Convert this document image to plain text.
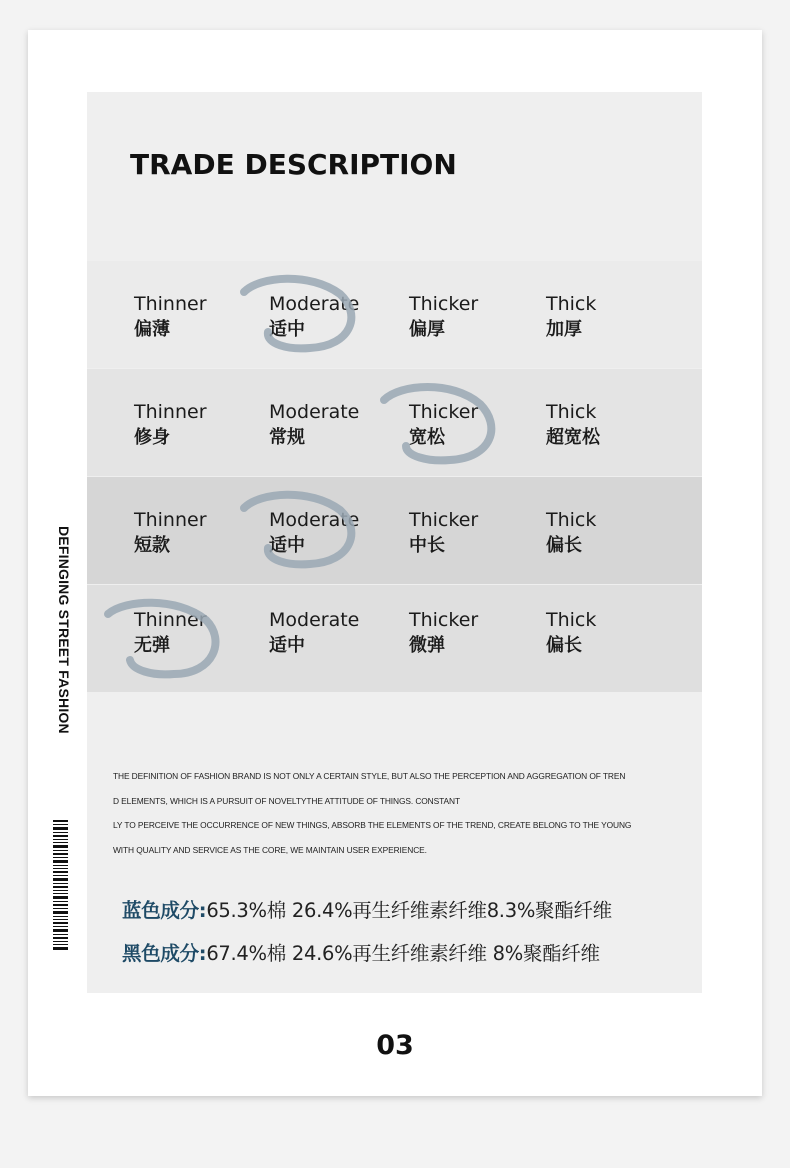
TRADE DESCRIPTION
Thinner
偏薄
Moderate
适中
Thicker
偏厚
Thick
加厚
Thinner
修身
Moderate
常规
Thicker
宽松
Thick
超宽松
Thinner
短款
Moderate
适中
Thicker
中长
Thick
偏长
Thinner
无弹
Moderate
适中
Thicker
微弹
Thick
偏长
DEFINGING STREET FASHION

THE DEFINITION OF FASHION BRAND IS NOT ONLY A CERTAIN STYLE, BUT ALSO THE PERCEPTION AND AGGREGATION OF TREN

D ELEMENTS, WHICH IS A PURSUIT OF NOVELTYTHE ATTITUDE OF THINGS. CONSTANT

LY TO PERCEIVE THE OCCURRENCE OF NEW THINGS, ABSORB THE ELEMENTS OF THE TREND, CREATE BELONG TO THE YOUNG

WITH QUALITY AND SERVICE AS THE CORE, WE MAINTAIN USER EXPERIENCE.

蓝色成分:65.3%棉 26.4%再生纤维素纤维8.3%聚酯纤维
黑色成分:67.4%棉 24.6%再生纤维素纤维 8%聚酯纤维
03
